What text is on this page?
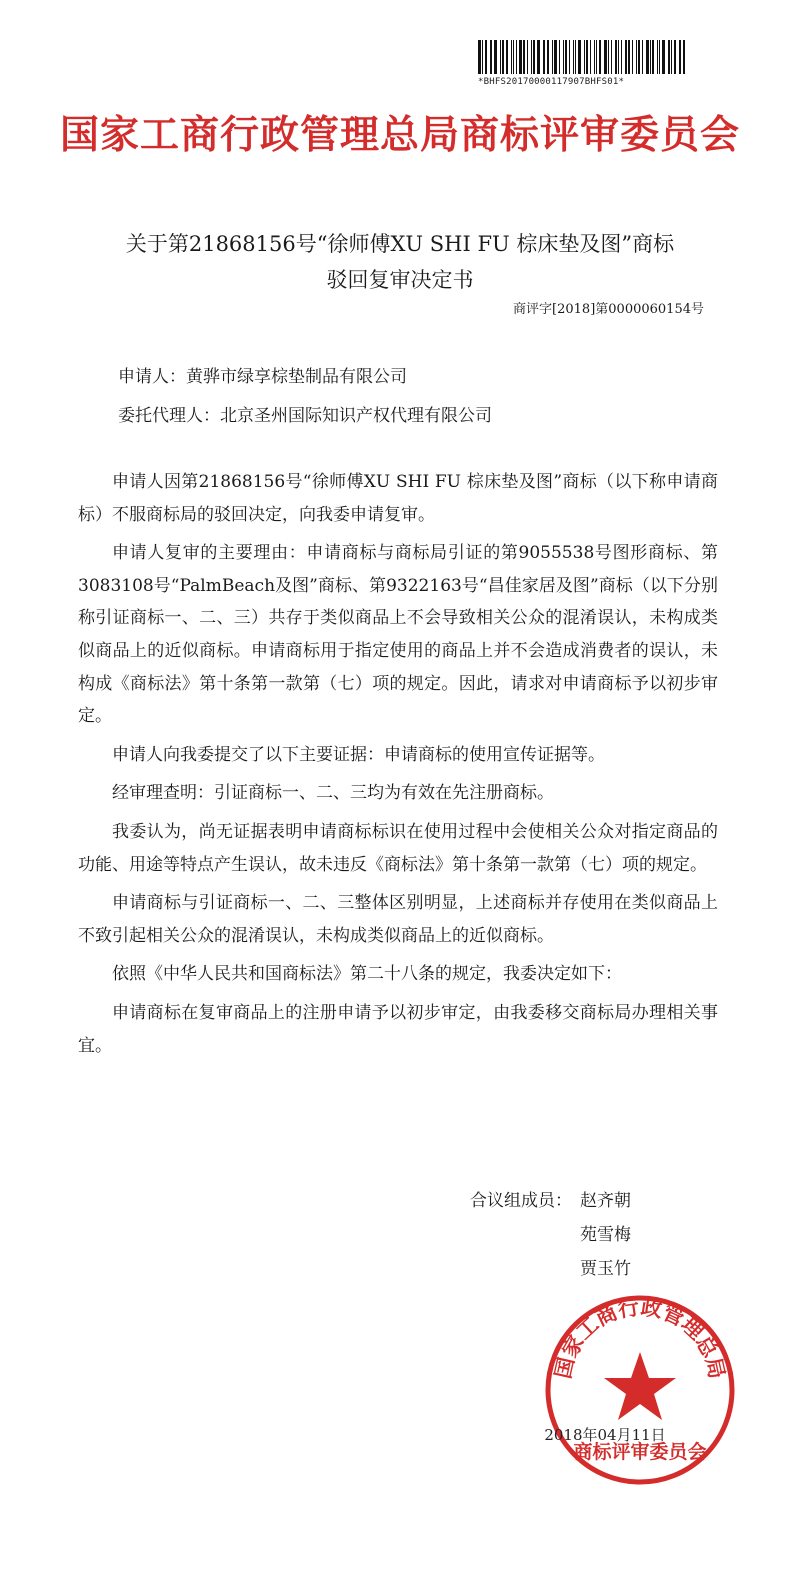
*BHFS20170000117907BHFS01*
国家工商行政管理总局商标评审委员会
关于第21868156号“徐师傅XU SHI FU 棕床垫及图”商标
驳回复审决定书
商评字[2018]第0000060154号
申请人：黄骅市绿享棕垫制品有限公司
委托代理人：北京圣州国际知识产权代理有限公司

申请人因第21868156号“徐师傅XU SHI FU 棕床垫及图”商标（以下称申请商标）不服商标局的驳回决定，向我委申请复审。

申请人复审的主要理由：申请商标与商标局引证的第9055538号图形商标、第3083108号“PalmBeach及图”商标、第9322163号“昌佳家居及图”商标（以下分别称引证商标一、二、三）共存于类似商品上不会导致相关公众的混淆误认，未构成类似商品上的近似商标。申请商标用于指定使用的商品上并不会造成消费者的误认，未构成《商标法》第十条第一款第（七）项的规定。因此，请求对申请商标予以初步审定。

申请人向我委提交了以下主要证据：申请商标的使用宣传证据等。

经审理查明：引证商标一、二、三均为有效在先注册商标。

我委认为，尚无证据表明申请商标标识在使用过程中会使相关公众对指定商品的功能、用途等特点产生误认，故未违反《商标法》第十条第一款第（七）项的规定。

申请商标与引证商标一、二、三整体区别明显，上述商标并存使用在类似商品上不致引起相关公众的混淆误认，未构成类似商品上的近似商标。

依照《中华人民共和国商标法》第二十八条的规定，我委决定如下：

申请商标在复审商品上的注册申请予以初步审定，由我委移交商标局办理相关事宜。

合议组成员： 赵齐朝
苑雪梅
贾玉竹
国家工商行政管理总局
商标评审委员会
2018年04月11日
